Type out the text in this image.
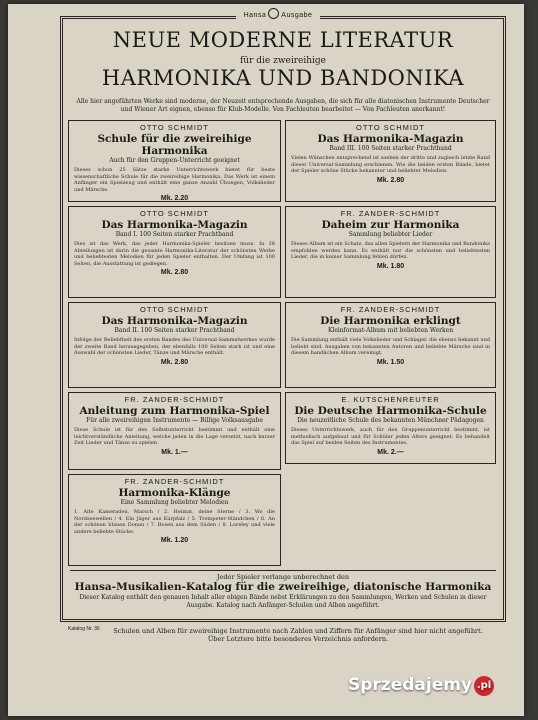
Hansa Ausgabe
NEUE MODERNE LITERATUR
für die zweireihige
HARMONIKA UND BANDONIKA
Alle hier angeführten Werke sind moderne, der Neuzeit entsprechende Ausgaben, die sich für alle diatonischen Instrumente Deutscher und Wiener Art eignen, ebenso für Klub-Modelle. Von Fachleuten bearbeitet — Von Fachleuten anerkannt!
OTTO SCHMIDT
Schule für die zweireihige Harmonika
Auch für den Gruppen-Unterricht geeignet
Dieses schon 25 Sätze starke Unterrichtswerk bietet für beste wissenschaftliche Schule für die zweireihige Harmonika. Das Werk ist einem Anfänger ein Spielzeug und enthält eine ganze Anzahl Übungen, Volkslieder und Märsche.
Mk. 2.20
OTTO SCHMIDT
Das Harmonika-Magazin
Band III. 100 Seiten starker Prachtband
Vielen Wünschen entsprechend ist soeben der dritte und zugleich letzte Band dieser Universal-Sammlung erschienen. Wie die beiden ersten Bände, bietet der Spieler schöne Stücke bekannter und beliebter Melodien.
Mk. 2.80
OTTO SCHMIDT
Das Harmonika-Magazin
Band I. 100 Seiten starker Prachtband
Dies ist das Werk, das jeder Harmonika-Spieler besitzen muss. In 28 Abteilungen ist darin die gesamte Harmonika-Literatur der schönsten Werke und beliebtesten Melodien für jeden Spieler enthalten. Der Umfang ist 100 Seiten, die Ausstattung ist gediegen.
Mk. 2.80
FR. ZANDER-SCHMIDT
Daheim zur Harmonika
Sammlung beliebter Lieder
Dieses Album ist ein Schatz, das allen Spielern der Harmonika und Bandonika empfohlen werden kann. Es enthält nur die schönsten und beliebtesten Lieder, die in keiner Sammlung fehlen dürfen.
Mk. 1.80
OTTO SCHMIDT
Das Harmonika-Magazin
Band II. 100 Seiten starker Prachtband
Infolge der Beliebtheit des ersten Bandes des Universal-Sammelwerkes wurde der zweite Band herausgegeben, der ebenfalls 100 Seiten stark ist und eine Auswahl der schönsten Lieder, Tänze und Märsche enthält.
Mk. 2.80
FR. ZANDER-SCHMIDT
Die Harmonika erklingt
Kleinformat-Album mit beliebten Werken
Die Sammlung enthält viele Volkslieder und Schlager, die ebenso bekannt und beliebt sind. Ausgaben von bekannten Autoren und beliebte Märsche sind in diesem handlichen Album vereinigt.
Mk. 1.50
FR. ZANDER-SCHMIDT
Anleitung zum Harmonika-Spiel
Für alle zweireihigen Instrumente — Billige Volksausgabe
Diese Schule ist für den Selbstunterricht bestimmt und enthält eine leichtverständliche Anleitung, welche jeden in die Lage versetzt, nach kurzer Zeit Lieder und Tänze zu spielen.
Mk. 1.—
E. KUTSCHENREUTER
Die Deutsche Harmonika-Schule
Die neuzeitliche Schule des bekannten Münchner Pädagogen
Dieses Unterrichtswerk, auch für den Gruppenunterricht bestimmt, ist methodisch aufgebaut und für Schüler jeden Alters geeignet. Es behandelt das Spiel auf beiden Seiten des Instrumentes.
Mk. 2.—
FR. ZANDER-SCHMIDT
Harmonika-Klänge
Eine Sammlung beliebter Melodien
1. Alte Kameraden, Marsch / 2. Heimat, deine Sterne / 3. Wo die Nordseewellen / 4. Ein Jäger aus Kurpfalz / 5. Trompeter-Ständchen / 6. An der schönen blauen Donau / 7. Rosen aus dem Süden / 8. Loreley und viele andere beliebte Stücke.
Mk. 1.20
Jeder Spieler verlange unberechnet den
Hansa-Musikalien-Katalog für die zweireihige, diatonische Harmonika
Dieser Katalog enthält den genauen Inhalt aller obigen Bände nebst Erklärungen zu den Sammlungen, Werken und Schulen in dieser Ausgabe. Katalog nach Anfänger-Schulen und Alben angeführt.
Katalog Nr. 36	Schulen und Alben für zweireihige Instrumente nach Zahlen und Ziffern für Anfänger sind hier nicht angeführt. Über Letztere bitte besonderes Verzeichnis anfordern.
Sprzedajemy .pl
